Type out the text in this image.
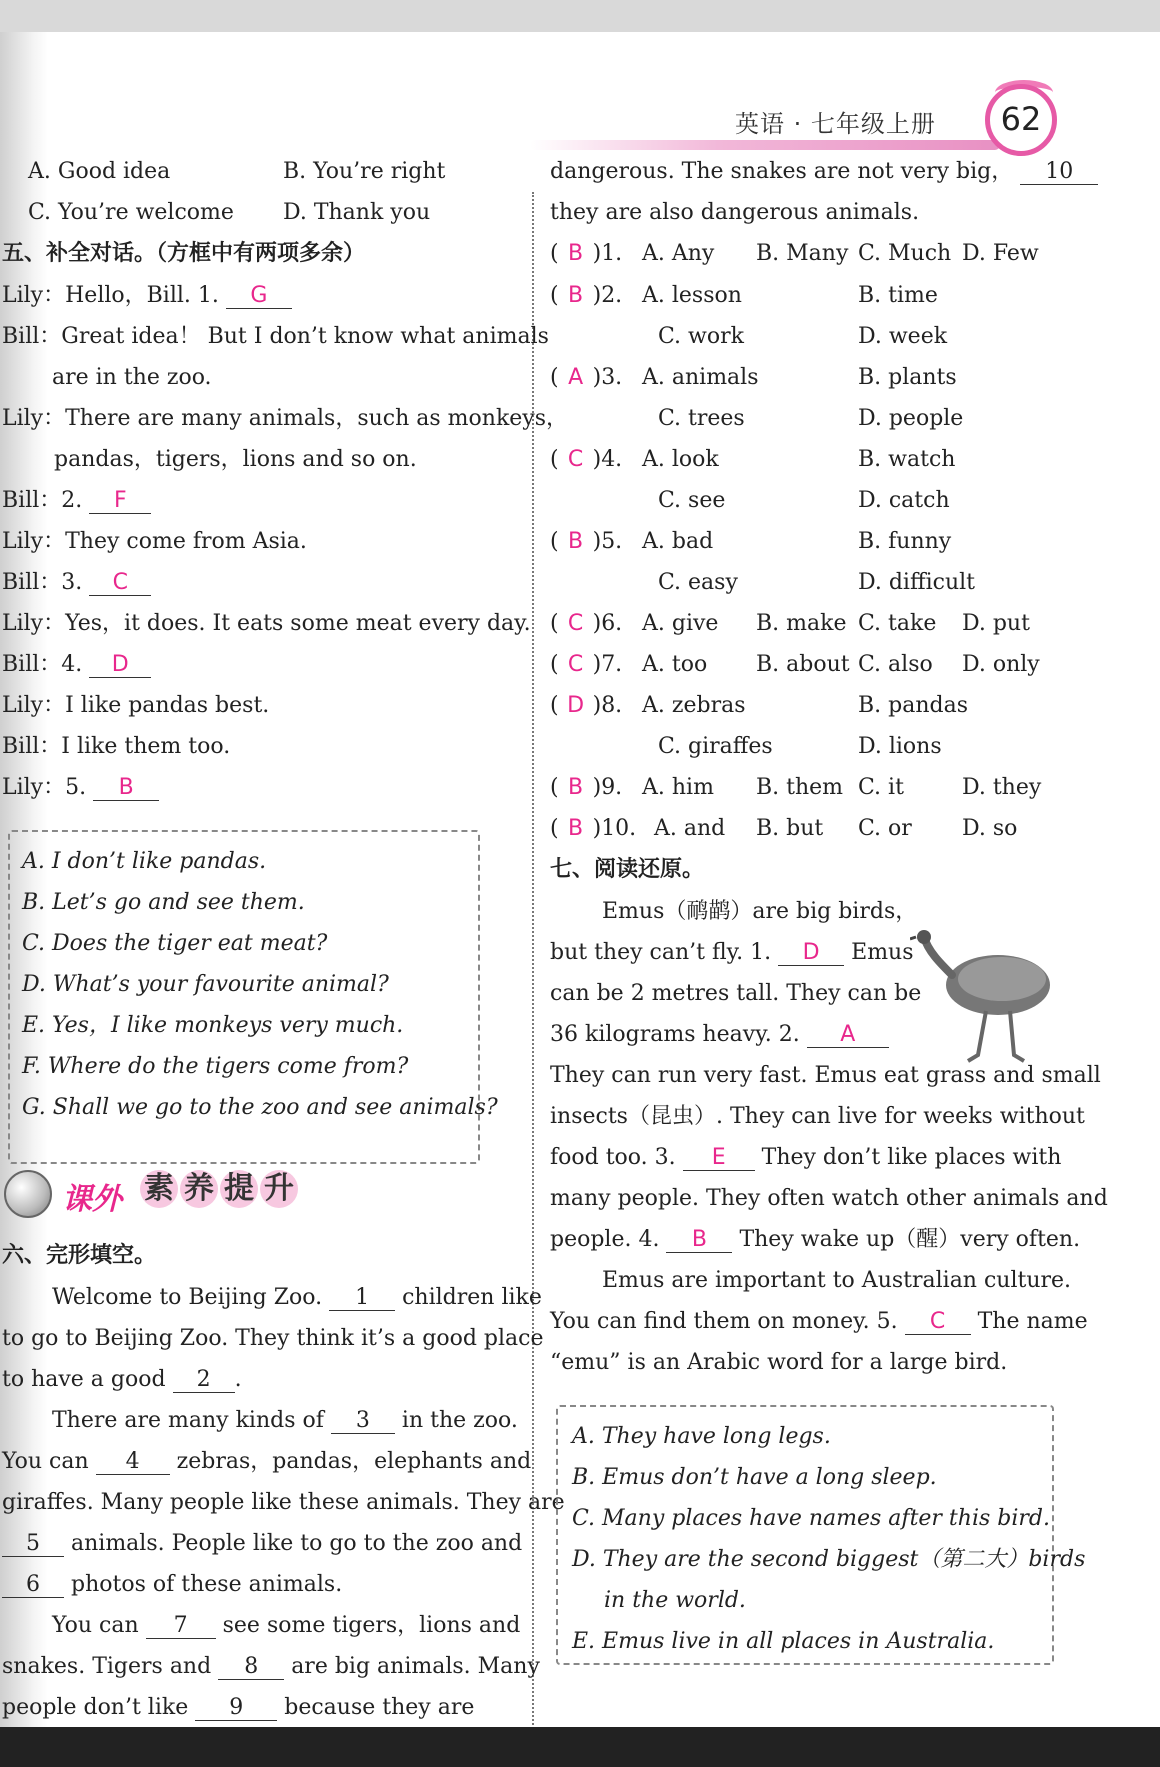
英语 · 七年级上册	62
A. Good idea	B. You’re right
C. You’re welcome D. Thank you
五、补全对话。（方框中有两项多余）
Lily：Hello，Bill. 1. G
Bill：Great idea！ But I don’t know what animals
are in the zoo.
Lily：There are many animals，such as monkeys，
pandas，tigers，lions and so on.
Bill：2. F
Lily：They come from Asia.
Bill：3. C
Lily：Yes，it does. It eats some meat every day.
Bill：4. D
Lily：I like pandas best.
Bill：I like them too.
Lily：5. B
A. I don’t like pandas.
B. Let’s go and see them.
C. Does the tiger eat meat?
D. What’s your favourite animal?
E. Yes，I like monkeys very much.
F. Where do the tigers come from?
G. Shall we go to the zoo and see animals?
课外 素 养 提 升
六、完形填空。
Welcome to Beijing Zoo. 1 children like
to go to Beijing Zoo. They think it’s a good place
to have a good 2 .
There are many kinds of 3 in the zoo.
You can 4 zebras，pandas，elephants and
giraffes. Many people like these animals. They are
5 animals. People like to go to the zoo and
6 photos of these animals.
You can 7 see some tigers，lions and
snakes. Tigers and 8 are big animals. Many
people don’t like 9 because they are
dangerous. The snakes are not very big， 10
they are also dangerous animals.
( B )1. A. Any B. Many C. Much D. Few
( B )2. A. lesson	B. time
C. work	D. week
( A )3. A. animals	B. plants
C. trees	D. people
( C )4. A. look	B. watch
C. see	D. catch
( B )5. A. bad	B. funny
C. easy	D. difficult
( C )6. A. give B. make C. take D. put
( C )7. A. too B. about C. also D. only
( D )8. A. zebras	B. pandas
C. giraffes	D. lions
( B )9. A. him B. them C. it	D. they
( B )10. A. and B. but C. or D. so
七、阅读还原。
Emus（鸸鹋）are big birds，
but they can’t fly. 1. D Emus
can be 2 metres tall. They can be
36 kilograms heavy. 2. A
They can run very fast. Emus eat grass and small
insects（昆虫）. They can live for weeks without
food too. 3. E They don’t like places with
many people. They often watch other animals and
people. 4. B They wake up（醒）very often.
Emus are important to Australian culture.
You can find them on money. 5. C The name
“emu” is an Arabic word for a large bird.
A. They have long legs.
B. Emus don’t have a long sleep.
C. Many places have names after this bird.
D. They are the second biggest（第二大）birds
in the world.
E. Emus live in all places in Australia.
